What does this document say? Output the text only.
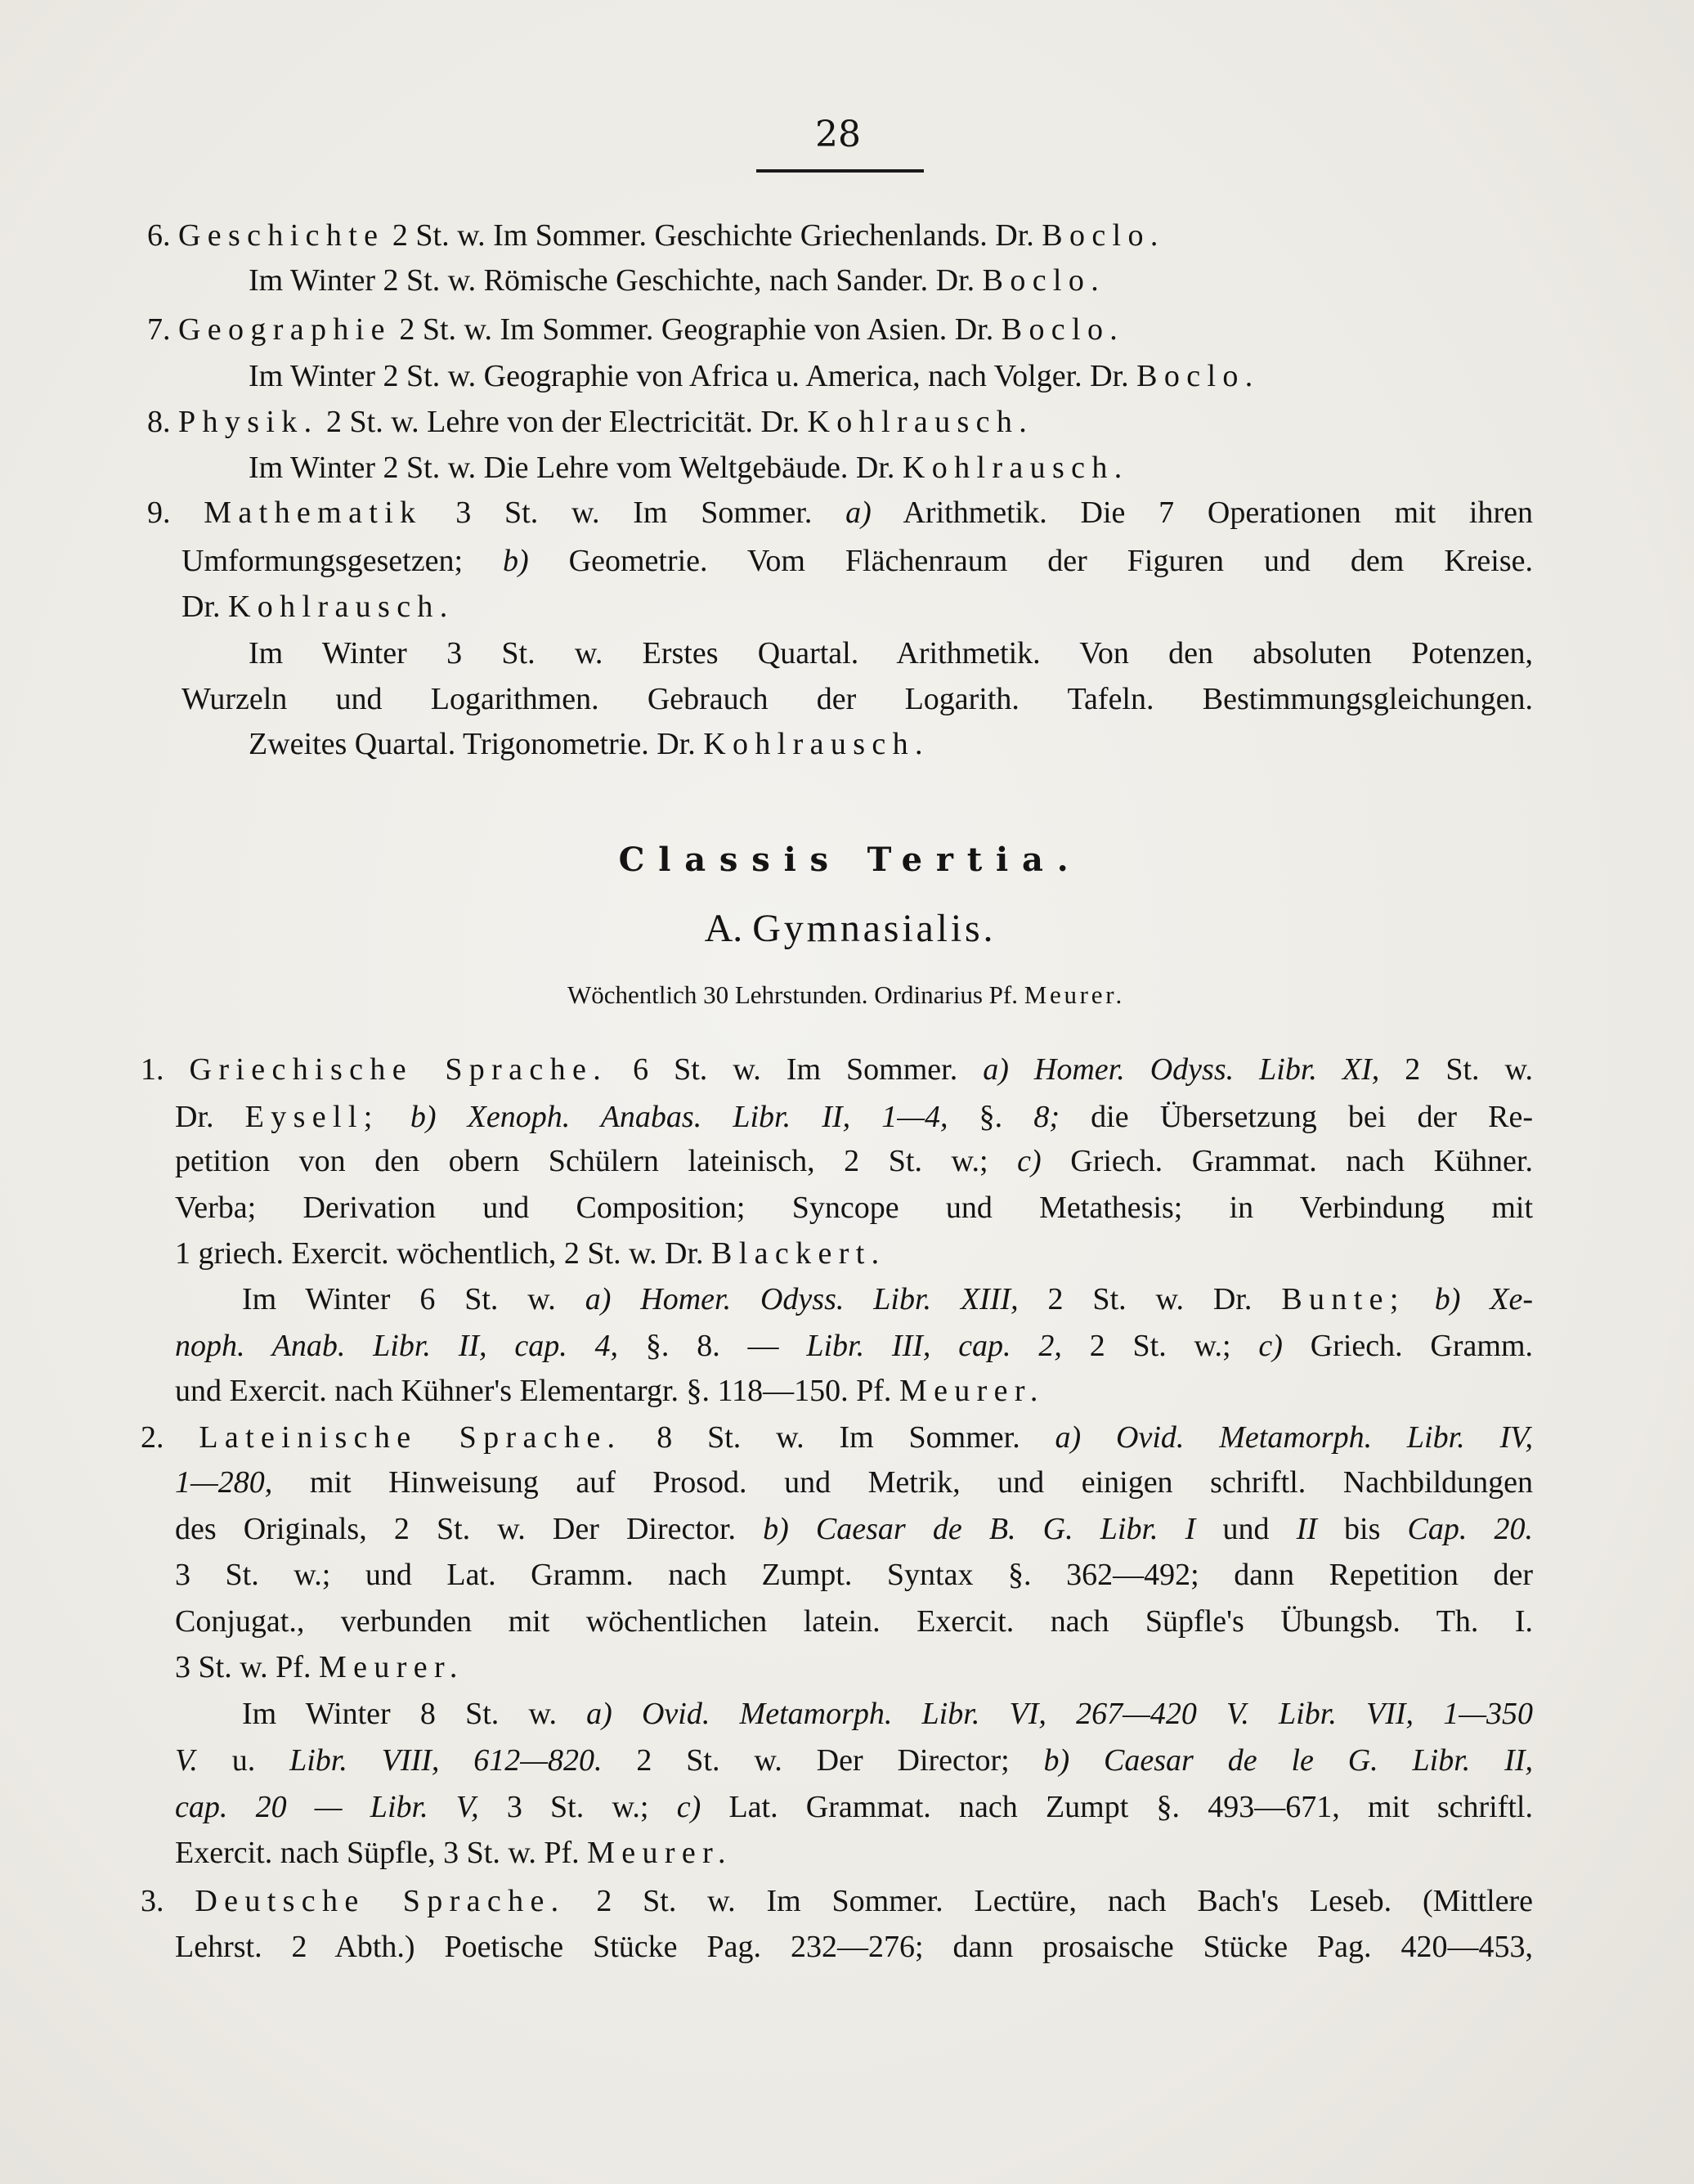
28
6. Geschichte 2 St. w. Im Sommer. Geschichte Griechenlands. Dr. Boclo.
Im Winter 2 St. w. Römische Geschichte, nach Sander. Dr. Boclo.
7. Geographie 2 St. w. Im Sommer. Geographie von Asien. Dr. Boclo.
Im Winter 2 St. w. Geographie von Africa u. America, nach Volger. Dr. Boclo.
8. Physik. 2 St. w. Lehre von der Electricität. Dr. Kohlrausch.
Im Winter 2 St. w. Die Lehre vom Weltgebäude. Dr. Kohlrausch.
9. Mathematik 3 St. w. Im Sommer. a) Arithmetik. Die 7 Operationen mit ihren
Umformungsgesetzen; b) Geometrie. Vom Flächenraum der Figuren und dem Kreise.
Dr. Kohlrausch.
Im Winter 3 St. w. Erstes Quartal. Arithmetik. Von den absoluten Potenzen,
Wurzeln und Logarithmen. Gebrauch der Logarith. Tafeln. Bestimmungsgleichungen.
Zweites Quartal. Trigonometrie. Dr. Kohlrausch.
Classis Tertia.
A. Gymnasialis.
Wöchentlich 30 Lehrstunden. Ordinarius Pf. Meurer.
1. Griechische Sprache. 6 St. w. Im Sommer. a) Homer. Odyss. Libr. XI, 2 St. w.
Dr. Eysell; b) Xenoph. Anabas. Libr. II, 1—4, §. 8; die Übersetzung bei der Re-
petition von den obern Schülern lateinisch, 2 St. w.; c) Griech. Grammat. nach Kühner.
Verba; Derivation und Composition; Syncope und Metathesis; in Verbindung mit
1 griech. Exercit. wöchentlich, 2 St. w. Dr. Blackert.
Im Winter 6 St. w. a) Homer. Odyss. Libr. XIII, 2 St. w. Dr. Bunte; b) Xe-
noph. Anab. Libr. II, cap. 4, §. 8. — Libr. III, cap. 2, 2 St. w.; c) Griech. Gramm.
und Exercit. nach Kühner's Elementargr. §. 118—150. Pf. Meurer.
2. Lateinische Sprache. 8 St. w. Im Sommer. a) Ovid. Metamorph. Libr. IV,
1—280, mit Hinweisung auf Prosod. und Metrik, und einigen schriftl. Nachbildungen
des Originals, 2 St. w. Der Director. b) Caesar de B. G. Libr. I und II bis Cap. 20.
3 St. w.; und Lat. Gramm. nach Zumpt. Syntax §. 362—492; dann Repetition der
Conjugat., verbunden mit wöchentlichen latein. Exercit. nach Süpfle's Übungsb. Th. I.
3 St. w. Pf. Meurer.
Im Winter 8 St. w. a) Ovid. Metamorph. Libr. VI, 267—420 V. Libr. VII, 1—350
V. u. Libr. VIII, 612—820. 2 St. w. Der Director; b) Caesar de le G. Libr. II,
cap. 20 — Libr. V, 3 St. w.; c) Lat. Grammat. nach Zumpt §. 493—671, mit schriftl.
Exercit. nach Süpfle, 3 St. w. Pf. Meurer.
3. Deutsche Sprache. 2 St. w. Im Sommer. Lectüre, nach Bach's Leseb. (Mittlere
Lehrst. 2 Abth.) Poetische Stücke Pag. 232—276; dann prosaische Stücke Pag. 420—453,
